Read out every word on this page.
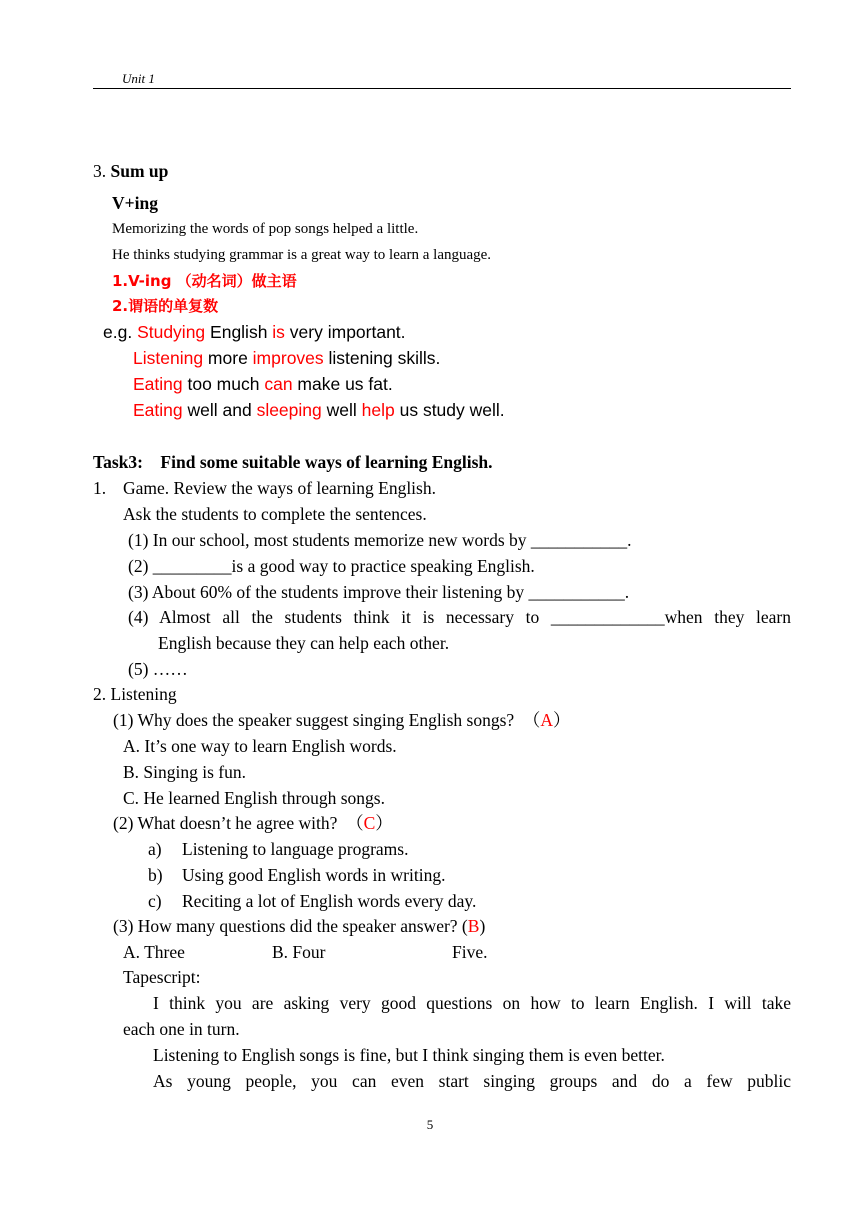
Unit 1
3. Sum up
V+ing
Memorizing the words of pop songs helped a little.
He thinks studying grammar is a great way to learn a language.
1.V-ing （动名词）做主语
2.谓语的单复数
e.g. Studying English is very important.
Listening more improves listening skills.
Eating too much can make us fat.
Eating well and sleeping well help us study well.
Task3:    Find some suitable ways of learning English.
1. Game. Review the ways of learning English.
Ask the students to complete the sentences.
(1) In our school, most students memorize new words by ___________.
(2) _________is a good way to practice speaking English.
(3) About 60% of the students improve their listening by ___________.
(4) Almost all the students think it is necessary to _____________when they learn
English because they can help each other.
(5) ……
2. Listening
(1) Why does the speaker suggest singing English songs?  （A）
A. It’s one way to learn English words.
B. Singing is fun.
C. He learned English through songs.
(2) What doesn’t he agree with?  （C）
a) Listening to language programs.
b) Using good English words in writing.
c) Reciting a lot of English words every day.
(3) How many questions did the speaker answer? (B)
A. Three	B. Four	Five.
Tapescript:
I think you are asking very good questions on how to learn English. I will take
each one in turn.
Listening to English songs is fine, but I think singing them is even better.
As young people, you can even start singing groups and do a few public
5
